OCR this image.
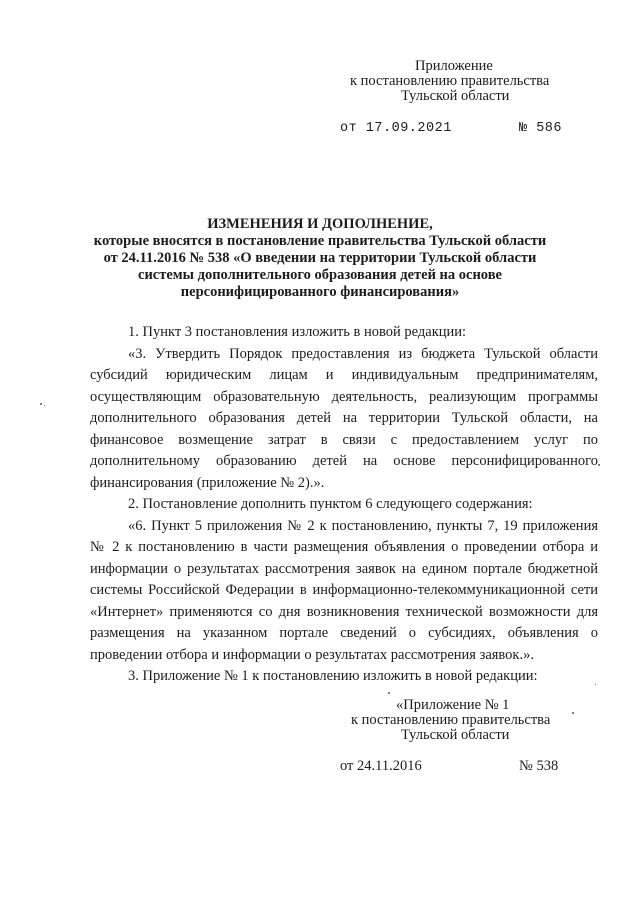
Приложение
к постановлению правительства
Тульской области
от 17.09.2021	№ 586
ИЗМЕНЕНИЯ И ДОПОЛНЕНИЕ,
которые вносятся в постановление правительства Тульской области
от 24.11.2016 № 538 «О введении на территории Тульской области
системы дополнительного образования детей на основе
персонифицированного финансирования»

1. Пункт 3 постановления изложить в новой редакции:

«3. Утвердить Порядок предоставления из бюджета Тульской области субсидий юридическим лицам и индивидуальным предпринимателям, осуществляющим образовательную деятельность, реализующим программы дополнительного образования детей на территории Тульской области, на финансовое возмещение затрат в связи с предоставлением услуг по дополнительному образованию детей на основе персонифицированного финансирования (приложение № 2).».

2. Постановление дополнить пунктом 6 следующего содержания:

«6. Пункт 5 приложения № 2 к постановлению, пункты 7, 19 приложения № 2 к постановлению в части размещения объявления о проведении отбора и информации о результатах рассмотрения заявок на едином портале бюджетной системы Российской Федерации в информационно-телекоммуникационной сети «Интернет» применяются со дня возникновения технической возможности для размещения на указанном портале сведений о субсидиях, объявления о проведении отбора и информации о результатах рассмотрения заявок.».

3. Приложение № 1 к постановлению изложить в новой редакции:

«Приложение № 1
к постановлению правительства
Тульской области
от 24.11.2016	№ 538
